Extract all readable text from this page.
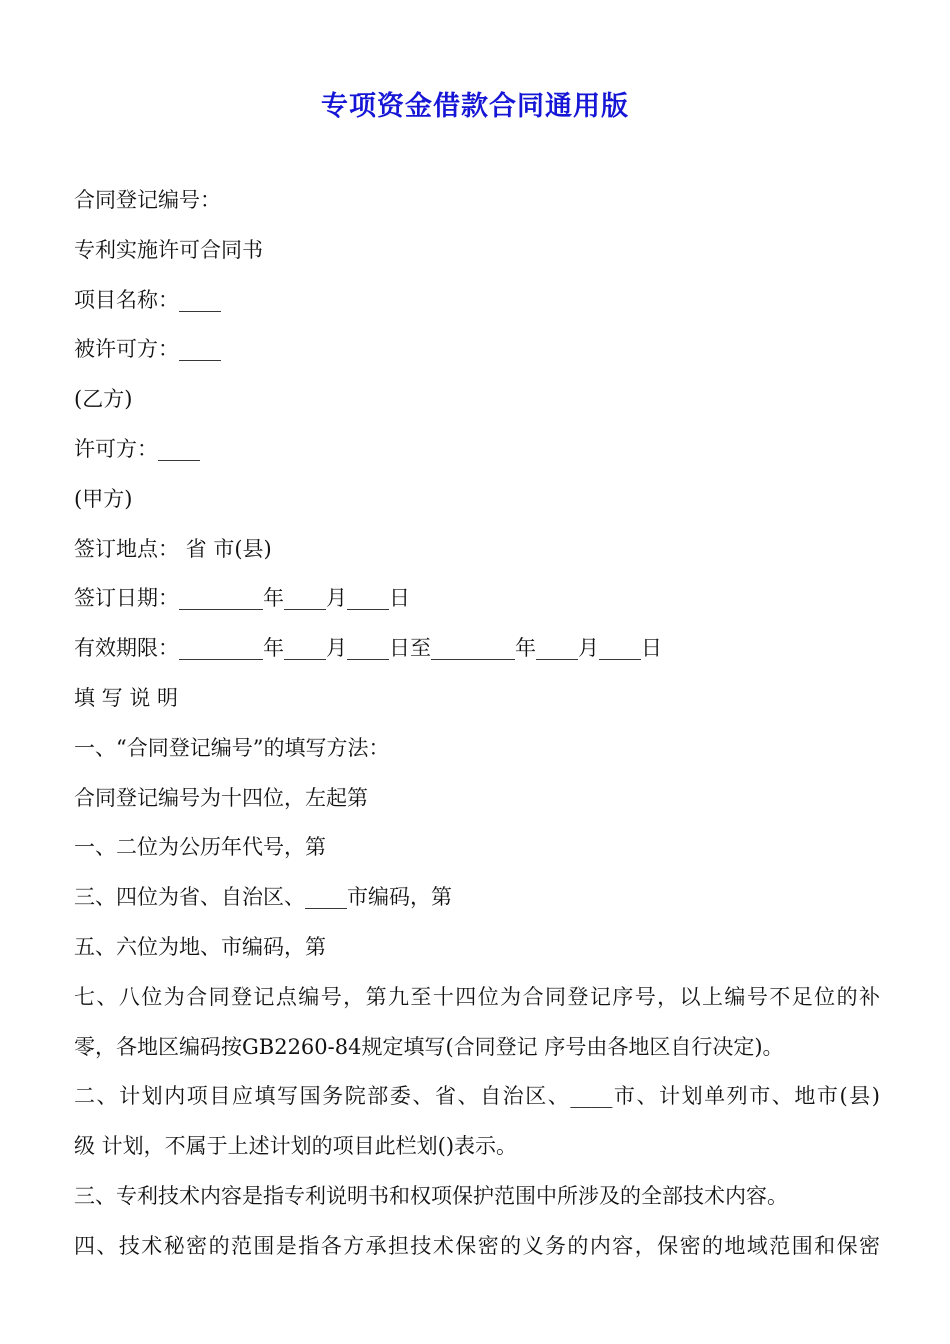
专项资金借款合同通用版

合同登记编号：

专利实施许可合同书

项目名称：____

被许可方：____

(乙方)

许可方：____

(甲方)

签订地点： 省 市(县)

签订日期：________年____月____日

有效期限：________年____月____日至________年____月____日

填 写 说 明

一、“合同登记编号”的填写方法：

合同登记编号为十四位，左起第

一、二位为公历年代号，第

三、四位为省、自治区、____市编码，第

五、六位为地、市编码，第

七、八位为合同登记点编号，第九至十四位为合同登记序号，以上编号不足位的补

零，各地区编码按GB2260-84规定填写(合同登记 序号由各地区自行决定)。

二、计划内项目应填写国务院部委、省、自治区、____市、计划单列市、地市(县)

级 计划，不属于上述计划的项目此栏划()表示。

三、专利技术内容是指专利说明书和权项保护范围中所涉及的全部技术内容。

四、技术秘密的范围是指各方承担技术保密的义务的内容，保密的地域范围和保密
